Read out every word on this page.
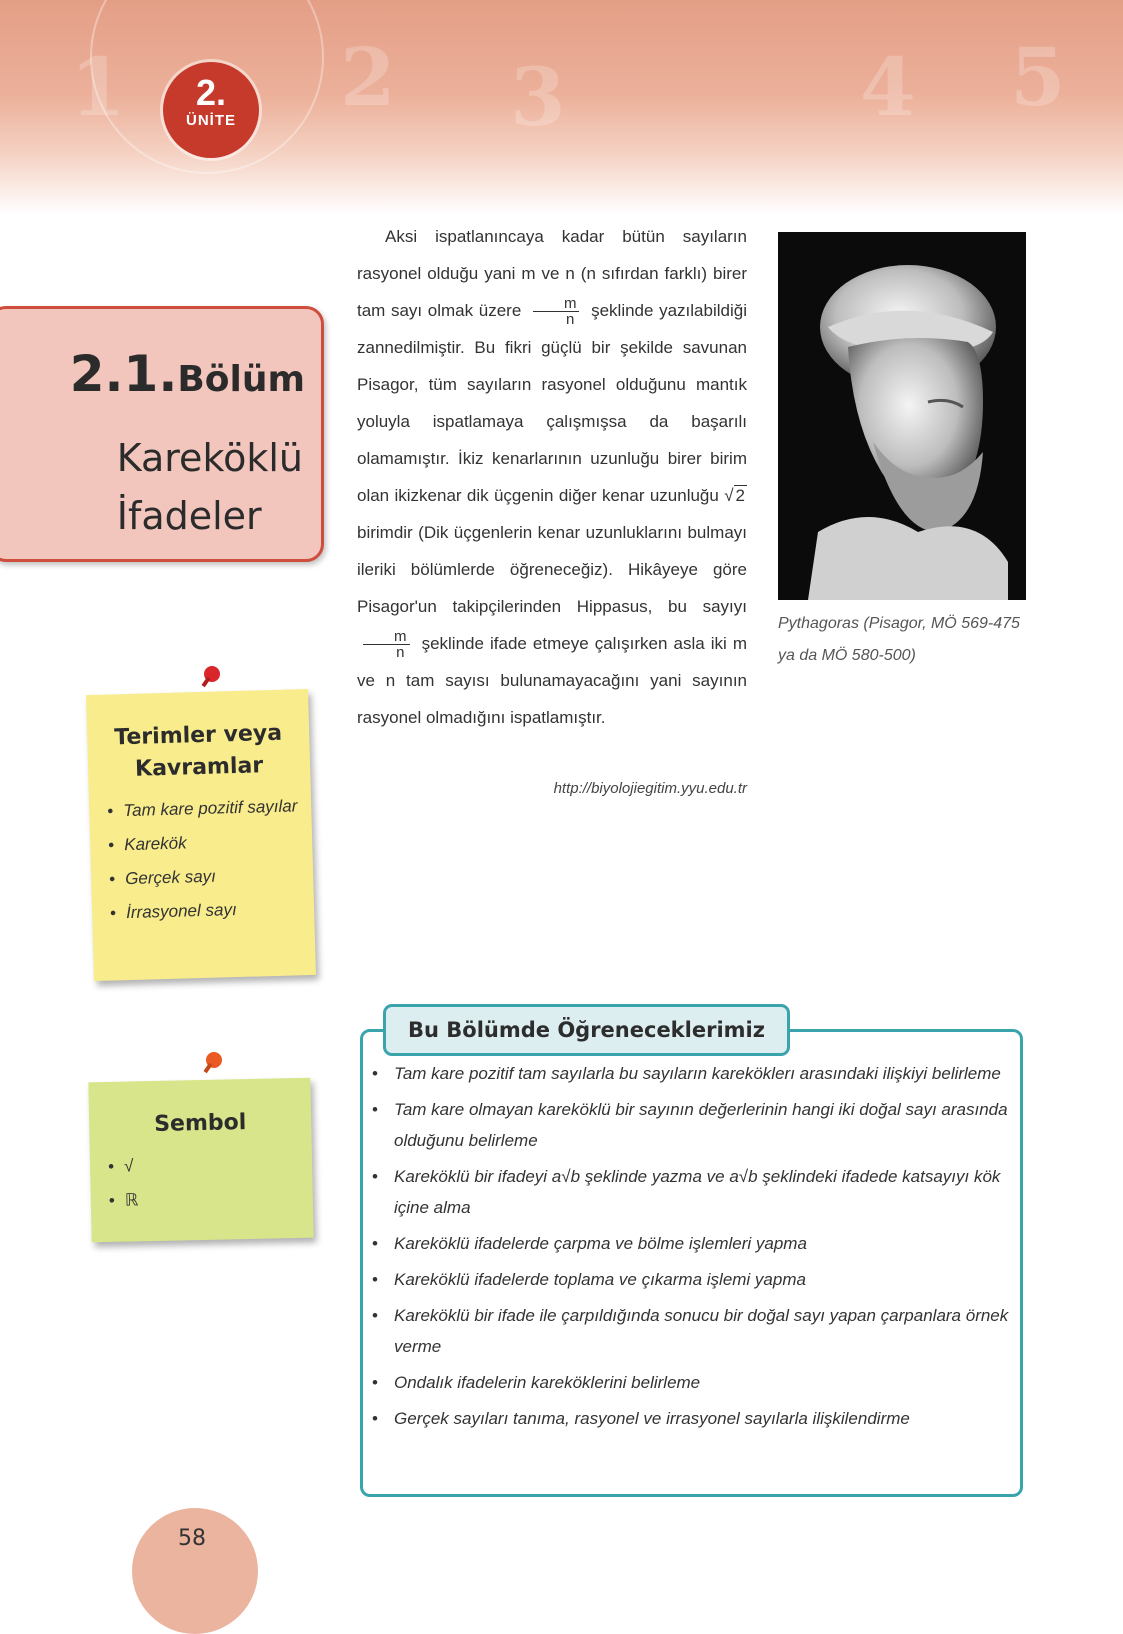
1	2 3	4 5
2.
ÜNİTE
2.1.Bölüm
Kareköklü
İfadeler

Aksi ispatlanıncaya kadar bütün sayıların rasyonel olduğu yani m ve n (n sıfırdan farklı) birer tam sayı olmak üzere $\frac{m}{n}$ şeklinde yazılabildiği zannedilmiştir. Bu fikri güçlü bir şekilde savunan Pisagor, tüm sayıların rasyonel olduğunu mantık yoluyla ispatlamaya çalışmışsa da başarılı olamamıştır. İkiz kenarlarının uzunluğu birer birim olan ikizkenar dik üçgenin diğer kenar uzunluğu √ 2 birimdir (Dik üçgenlerin kenar uzunluklarını bulmayı ileriki bölümlerde öğreneceğiz). Hikâyeye göre Pisagor'un takipçilerinden Hippasus, bu sayıyı
$\frac{m}{n}$ şeklinde ifade etmeye çalışırken asla iki m ve n tam sayısı bulunamayacağını yani sayının rasyonel olmadığını ispatlamıştır.

http://biyolojiegitim.yyu.edu.tr
Pythagoras (Pisagor, MÖ 569-475 ya da MÖ 580-500)
Terimler veya
Kavramlar
• Tam kare pozitif sayılar
• Karekök
• Gerçek sayı
• İrrasyonel sayı
Sembol
• √
• ℝ
Bu Bölümde Öğreneceklerimiz
• Tam kare pozitif tam sayılarla bu sayıların kareköklerı arasındaki ilişkiyi belirleme
• Tam kare olmayan kareköklü bir sayının değerlerinin hangi iki doğal sayı arasında olduğunu belirleme
• Kareköklü bir ifadeyi a√b şeklinde yazma ve a√b şeklindeki ifadede katsayıyı kök içine alma
• Kareköklü ifadelerde çarpma ve bölme işlemleri yapma
• Kareköklü ifadelerde toplama ve çıkarma işlemi yapma
• Kareköklü bir ifade ile çarpıldığında sonucu bir doğal sayı yapan çarpanlara örnek verme
• Ondalık ifadelerin kareköklerini belirleme
• Gerçek sayıları tanıma, rasyonel ve irrasyonel sayılarla ilişkilendirme
58
